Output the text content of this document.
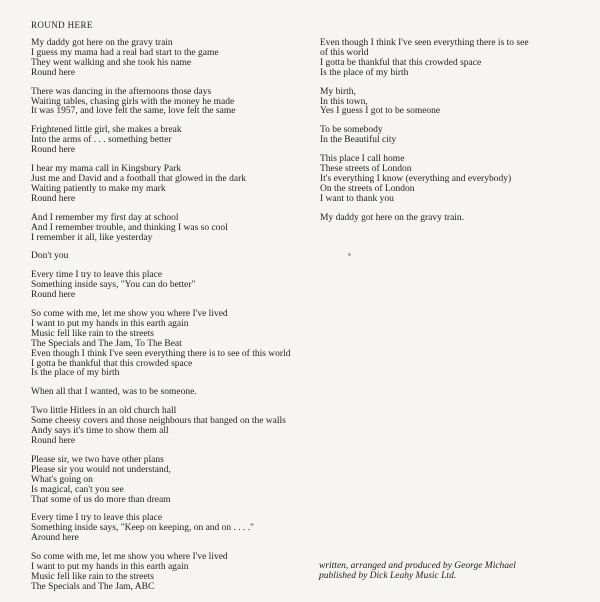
ROUND HERE
My daddy got here on the gravy train
I guess my mama had a real bad start to the game
They went walking and she took his name
Round here
There was dancing in the afternoons those days
Waiting tables, chasing girls with the money he made
It was 1957, and love felt the same, love felt the same
Frightened little girl, she makes a break
Into the arms of . . . something better
Round here
I hear my mama call in Kingsbury Park
Just me and David and a football that glowed in the dark
Waiting patiently to make my mark
Round here
And I remember my first day at school
And I remember trouble, and thinking I was so cool
I remember it all, like yesterday
Don't you
Every time I try to leave this place
Something inside says, "You can do better"
Round here
So come with me, let me show you where I've lived
I want to put my hands in this earth again
Music fell like rain to the streets
The Specials and The Jam, To The Beat
Even though I think I've seen everything there is to see of this world
I gotta be thankful that this crowded space
Is the place of my birth
When all that I wanted, was to be someone.
Two little Hitlers in an old church hall
Some cheesy covers and those neighbours that banged on the walls
Andy says it's time to show them all
Round here
Please sir, we two have other plans
Please sir you would not understand,
What's going on
Is magical, can't you see
That some of us do more than dream
Every time I try to leave this place
Something inside says, "Keep on keeping, on and on . . . ."
Around here
So come with me, let me show you where I've lived
I want to put my hands in this earth again
Music fell like rain to the streets
The Specials and The Jam, ABC
Even though I think I've seen everything there is to see
of this world
I gotta be thankful that this crowded space
Is the place of my birth
My birth,
In this town,
Yes I guess I got to be someone
To be somebody
In the Beautiful city
This place I call home
These streets of London
It's everything I know (everything and everybody)
On the streets of London
I want to thank you
My daddy got here on the gravy train.
written, arranged and produced by George Michael
published by Dick Leahy Music Ltd.
